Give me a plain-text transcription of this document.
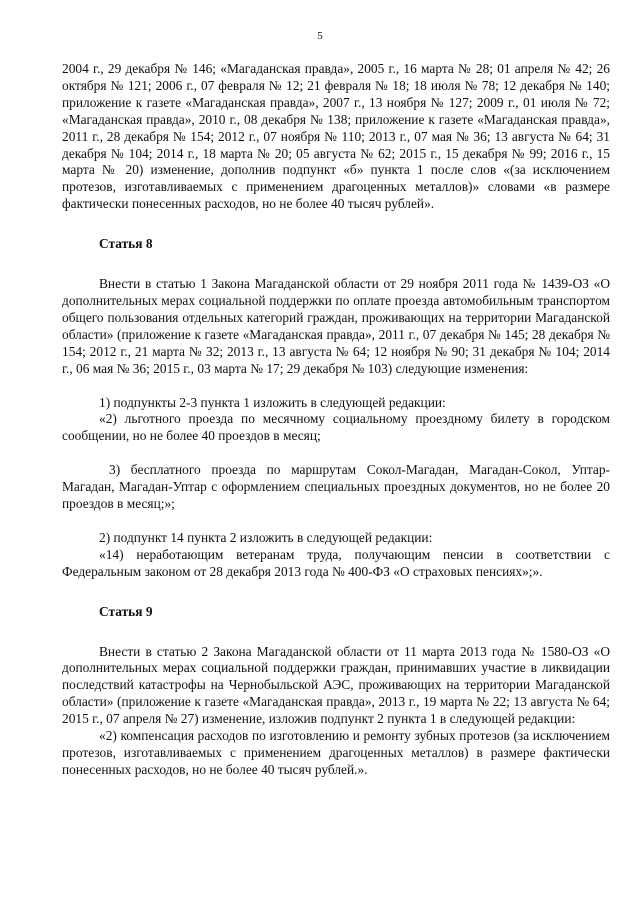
5

2004 г., 29 декабря № 146; «Магаданская правда», 2005 г., 16 марта № 28; 01 апреля № 42; 26 октября № 121; 2006 г., 07 февраля № 12; 21 февраля № 18; 18 июля № 78; 12 декабря № 140; приложение к газете «Магаданская правда», 2007 г., 13 ноября № 127; 2009 г., 01 июля № 72; «Магаданская правда», 2010 г., 08 декабря № 138; приложение к газете «Магаданская правда», 2011 г., 28 декабря № 154; 2012 г., 07 ноября № 110; 2013 г., 07 мая № 36; 13 августа № 64; 31 декабря № 104; 2014 г., 18 марта № 20; 05 августа № 62; 2015 г., 15 декабря № 99; 2016 г., 15 марта № 20) изменение, дополнив подпункт «б» пункта 1 после слов «(за исключением протезов, изготавливаемых с применением драгоценных металлов)» словами «в размере фактически понесенных расходов, но не более 40 тысяч рублей».

Статья 8

Внести в статью 1 Закона Магаданской области от 29 ноября 2011 года № 1439-ОЗ «О дополнительных мерах социальной поддержки по оплате проезда автомобильным транспортом общего пользования отдельных категорий граждан, проживающих на территории Магаданской области» (приложение к газете «Магаданская правда», 2011 г., 07 декабря № 145; 28 декабря № 154; 2012 г., 21 марта № 32; 2013 г., 13 августа № 64; 12 ноября № 90; 31 декабря № 104; 2014 г., 06 мая № 36; 2015 г., 03 марта № 17; 29 декабря № 103) следующие изменения:

1) подпункты 2-3 пункта 1 изложить в следующей редакции:

«2) льготного проезда по месячному социальному проездному билету в городском сообщении, но не более 40 проездов в месяц;

3) бесплатного проезда по маршрутам Сокол-Магадан, Магадан-Сокол, Уптар-Магадан, Магадан-Уптар с оформлением специальных проездных документов, но не более 20 проездов в месяц;»;

2) подпункт 14 пункта 2 изложить в следующей редакции:

«14) неработающим ветеранам труда, получающим пенсии в соответствии с Федеральным законом от 28 декабря 2013 года № 400-ФЗ «О страховых пенсиях»;».

Статья 9

Внести в статью 2 Закона Магаданской области от 11 марта 2013 года № 1580-ОЗ «О дополнительных мерах социальной поддержки граждан, принимавших участие в ликвидации последствий катастрофы на Чернобыльской АЭС, проживающих на территории Магаданской области» (приложение к газете «Магаданская правда», 2013 г., 19 марта № 22; 13 августа № 64; 2015 г., 07 апреля № 27) изменение, изложив подпункт 2 пункта 1 в следующей редакции:

«2) компенсация расходов по изготовлению и ремонту зубных протезов (за исключением протезов, изготавливаемых с применением драгоценных металлов) в размере фактически понесенных расходов, но не более 40 тысяч рублей.».
